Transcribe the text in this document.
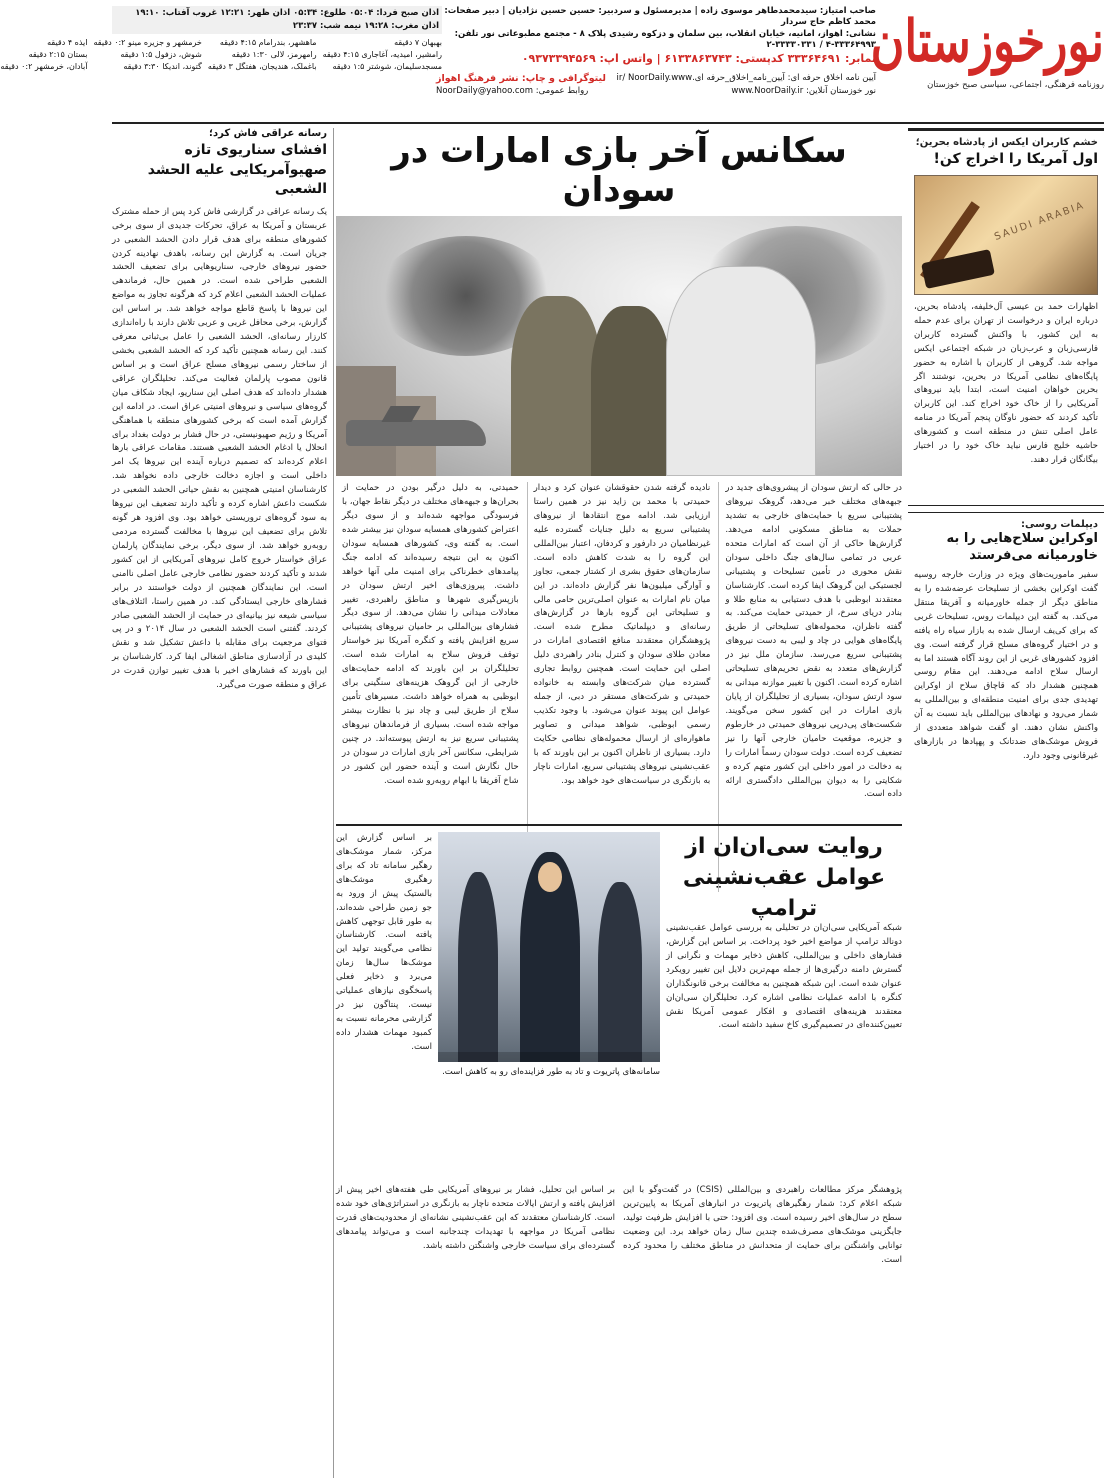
نورخوزستان
روزنامه فرهنگی، اجتماعی، سیاسی صبح خوزستان
صاحب امتیاز: سیدمحمدطاهر موسوی زاده | مدیرمسئول و سردبیر: حسین حسین نژادیان | دبیر صفحات: محمد کاظم حاج سردار
نشانی: اهواز، امانیه، خیابان انقلاب، بین سلمان و دزکوه رشیدی پلاک ۸ - مجتمع مطبوعاتی نور تلفن: ۳۳۳۶۴۹۹۳-۴ / ۳۳۳۳۰۳۳۱-۲
نمابر: ۳۳۳۶۴۶۹۱ کدپستی: ۶۱۳۳۸۶۳۷۴۳ | واتس اپ: ۰۹۳۷۳۳۹۴۵۶۹
آیین نامه اخلاق حرفه ای: آیین_نامه_اخلاق_حرفه ای.ir/ NoorDaily.www
لیتوگرافی و چاپ: نشر فرهنگ اهواز
نور خوزستان آنلاین: www.NoorDaily.ir
روابط عمومی: NoorDaily@yahoo.com
اذان صبح فردا: ۰۵:۰۴ طلوع: ۰۵:۳۴ اذان ظهر: ۱۲:۲۱ غروب آفتاب: ۱۹:۱۰ اذان مغرب: ۱۹:۲۸ نیمه شب: ۲۳:۳۷
بهبهان ۷ دقیقه
ماهشهر، بندرامام ۴:۱۵ دقیقه
خرمشهر و جزیره مینو ۰:۲ دقیقه
ایذه ۴ دقیقه
رامشیر، امیدیه، آغاجاری ۴:۱۵ دقیقه
رامهرمز، لالی ۱:۳۰ دقیقه
شوش، دزفول ۱:۵ دقیقه
بستان ۲:۱۵ دقیقه
مسجدسلیمان، شوشتر ۱:۵ دقیقه
باغملک، هندیجان، هفتگل ۳ دقیقه
گتوند، اندیکا ۳:۳۰ دقیقه
آبادان، خرمشهر ۰:۲ دقیقه
خشم کاربران ایکس از پادشاه بحرین؛
اول آمریکا را اخراج کن!
SAUDI ARABIA
اظهارات حمد بن عیسی آل‌خلیفه، پادشاه بحرین، درباره ایران و درخواست از تهران برای عدم حمله به این کشور، با واکنش گسترده کاربران فارسی‌زبان و عرب‌زبان در شبکه اجتماعی ایکس مواجه شد. گروهی از کاربران با اشاره به حضور پایگاه‌های نظامی آمریکا در بحرین، نوشتند اگر بحرین خواهان امنیت است، ابتدا باید نیروهای آمریکایی را از خاک خود اخراج کند. این کاربران تأکید کردند که حضور ناوگان پنجم آمریکا در منامه عامل اصلی تنش در منطقه است و کشورهای حاشیه خلیج فارس نباید خاک خود را در اختیار بیگانگان قرار دهند.
دیپلمات روسی:
اوکراین سلاح‌هایی را به خاورمیانه می‌فرستد
سفیر ماموریت‌های ویژه در وزارت خارجه روسیه گفت اوکراین بخشی از تسلیحات عرضه‌شده را به مناطق دیگر از جمله خاورمیانه و آفریقا منتقل می‌کند. به گفته این دیپلمات روس، تسلیحات غربی که برای کی‌یف ارسال شده به بازار سیاه راه یافته و در اختیار گروه‌های مسلح قرار گرفته است. وی افزود کشورهای غربی از این روند آگاه هستند اما به ارسال سلاح ادامه می‌دهند. این مقام روسی همچنین هشدار داد که قاچاق سلاح از اوکراین تهدیدی جدی برای امنیت منطقه‌ای و بین‌المللی به شمار می‌رود و نهادهای بین‌المللی باید نسبت به آن واکنش نشان دهند. او گفت شواهد متعددی از فروش موشک‌های ضدتانک و پهپادها در بازارهای غیرقانونی وجود دارد.
سکانس آخر بازی امارات در سودان
در حالی که ارتش سودان از پیشروی‌های جدید در جبهه‌های مختلف خبر می‌دهد، گروهک نیروهای پشتیبانی سریع با حمایت‌های خارجی به تشدید حملات به مناطق مسکونی ادامه می‌دهد. گزارش‌ها حاکی از آن است که امارات متحده عربی در تمامی سال‌های جنگ داخلی سودان نقش محوری در تأمین تسلیحات و پشتیبانی لجستیکی این گروهک ایفا کرده است. کارشناسان معتقدند ابوظبی با هدف دستیابی به منابع طلا و بنادر دریای سرخ، از حمیدتی حمایت می‌کند. به گفته ناظران، محموله‌های تسلیحاتی از طریق پایگاه‌های هوایی در چاد و لیبی به دست نیروهای پشتیبانی سریع می‌رسد. سازمان ملل نیز در گزارش‌های متعدد به نقض تحریم‌های تسلیحاتی اشاره کرده است. اکنون با تغییر موازنه میدانی به سود ارتش سودان، بسیاری از تحلیلگران از پایان بازی امارات در این کشور سخن می‌گویند. شکست‌های پی‌درپی نیروهای حمیدتی در خارطوم و جزیره، موقعیت حامیان خارجی آنها را نیز تضعیف کرده است. دولت سودان رسماً امارات را به دخالت در امور داخلی این کشور متهم کرده و شکایتی را به دیوان بین‌المللی دادگستری ارائه داده است.
نادیده گرفته شدن حقوقشان عنوان کرد و دیدار حمیدتی با محمد بن زاید نیز در همین راستا ارزیابی شد. ادامه موج انتقادها از نیروهای پشتیبانی سریع به دلیل جنایات گسترده علیه غیرنظامیان در دارفور و کردفان، اعتبار بین‌المللی این گروه را به شدت کاهش داده است. سازمان‌های حقوق بشری از کشتار جمعی، تجاوز و آوارگی میلیون‌ها نفر گزارش داده‌اند. در این میان نام امارات به عنوان اصلی‌ترین حامی مالی و تسلیحاتی این گروه بارها در گزارش‌های رسانه‌ای و دیپلماتیک مطرح شده است. پژوهشگران معتقدند منافع اقتصادی امارات در معادن طلای سودان و کنترل بنادر راهبردی دلیل اصلی این حمایت است. همچنین روابط تجاری گسترده میان شرکت‌های وابسته به خانواده حمیدتی و شرکت‌های مستقر در دبی، از جمله عوامل این پیوند عنوان می‌شود. با وجود تکذیب رسمی ابوظبی، شواهد میدانی و تصاویر ماهواره‌ای از ارسال محموله‌های نظامی حکایت دارد. بسیاری از ناظران اکنون بر این باورند که با عقب‌نشینی نیروهای پشتیبانی سریع، امارات ناچار به بازنگری در سیاست‌های خود خواهد بود.
حمیدتی، به دلیل درگیر بودن در حمایت از بحران‌ها و جبهه‌های مختلف در دیگر نقاط جهان، با فرسودگی مواجهه شده‌اند و از سوی دیگر اعتراض کشورهای همسایه سودان نیز بیشتر شده است. به گفته وی، کشورهای همسایه سودان اکنون به این نتیجه رسیده‌اند که ادامه جنگ پیامدهای خطرناکی برای امنیت ملی آنها خواهد داشت. پیروزی‌های اخیر ارتش سودان در بازپس‌گیری شهرها و مناطق راهبردی، تغییر معادلات میدانی را نشان می‌دهد. از سوی دیگر فشارهای بین‌المللی بر حامیان نیروهای پشتیبانی سریع افزایش یافته و کنگره آمریکا نیز خواستار توقف فروش سلاح به امارات شده است. تحلیلگران بر این باورند که ادامه حمایت‌های خارجی از این گروهک هزینه‌های سنگینی برای ابوظبی به همراه خواهد داشت. مسیرهای تأمین سلاح از طریق لیبی و چاد نیز با نظارت بیشتر مواجه شده است. بسیاری از فرماندهان نیروهای پشتیبانی سریع نیز به ارتش پیوسته‌اند. در چنین شرایطی، سکانس آخر بازی امارات در سودان در حال نگارش است و آینده حضور این کشور در شاخ آفریقا با ابهام روبه‌رو شده است.
رسانه عراقی فاش کرد؛
افشای سناریوی تازه صهیوآمریکایی علیه الحشد الشعبی
یک رسانه عراقی در گزارشی فاش کرد پس از حمله مشترک عربستان و آمریکا به عراق، تحرکات جدیدی از سوی برخی کشورهای منطقه برای هدف قرار دادن الحشد الشعبی در جریان است. به گزارش این رسانه، باهدف نهادینه کردن حضور نیروهای خارجی، سناریوهایی برای تضعیف الحشد الشعبی طراحی شده است. در همین حال، فرماندهی عملیات الحشد الشعبی اعلام کرد که هرگونه تجاوز به مواضع این نیروها با پاسخ قاطع مواجه خواهد شد. بر اساس این گزارش، برخی محافل غربی و عربی تلاش دارند با راه‌اندازی کارزار رسانه‌ای، الحشد الشعبی را عامل بی‌ثباتی معرفی کنند. این رسانه همچنین تأکید کرد که الحشد الشعبی بخشی از ساختار رسمی نیروهای مسلح عراق است و بر اساس قانون مصوب پارلمان فعالیت می‌کند. تحلیلگران عراقی هشدار داده‌اند که هدف اصلی این سناریو، ایجاد شکاف میان گروه‌های سیاسی و نیروهای امنیتی عراق است. در ادامه این گزارش آمده است که برخی کشورهای منطقه با هماهنگی آمریکا و رژیم صهیونیستی، در حال فشار بر دولت بغداد برای انحلال یا ادغام الحشد الشعبی هستند. مقامات عراقی بارها اعلام کرده‌اند که تصمیم درباره آینده این نیروها یک امر داخلی است و اجازه دخالت خارجی داده نخواهد شد. کارشناسان امنیتی همچنین به نقش حیاتی الحشد الشعبی در شکست داعش اشاره کرده و تأکید دارند تضعیف این نیروها به سود گروه‌های تروریستی خواهد بود. وی افزود هر گونه تلاش برای تضعیف این نیروها با مخالفت گسترده مردمی روبه‌رو خواهد شد. از سوی دیگر، برخی نمایندگان پارلمان عراق خواستار خروج کامل نیروهای آمریکایی از این کشور شدند و تأکید کردند حضور نظامی خارجی عامل اصلی ناامنی است. این نمایندگان همچنین از دولت خواستند در برابر فشارهای خارجی ایستادگی کند. در همین راستا، ائتلاف‌های سیاسی شیعه نیز بیانیه‌ای در حمایت از الحشد الشعبی صادر کردند. گفتنی است الحشد الشعبی در سال ۲۰۱۴ و در پی فتوای مرجعیت برای مقابله با داعش تشکیل شد و نقش کلیدی در آزادسازی مناطق اشغالی ایفا کرد. کارشناسان بر این باورند که فشارهای اخیر با هدف تغییر توازن قدرت در عراق و منطقه صورت می‌گیرد.
روایت سی‌ان‌ان از عوامل عقب‌نشینی ترامپ
شبکه آمریکایی سی‌ان‌ان در تحلیلی به بررسی عوامل عقب‌نشینی دونالد ترامپ از مواضع اخیر خود پرداخت. بر اساس این گزارش، فشارهای داخلی و بین‌المللی، کاهش ذخایر مهمات و نگرانی از گسترش دامنه درگیری‌ها از جمله مهم‌ترین دلایل این تغییر رویکرد عنوان شده است. این شبکه همچنین به مخالفت برخی قانونگذاران کنگره با ادامه عملیات نظامی اشاره کرد. تحلیلگران سی‌ان‌ان معتقدند هزینه‌های اقتصادی و افکار عمومی آمریکا نقش تعیین‌کننده‌ای در تصمیم‌گیری کاخ سفید داشته است.
سامانه‌های پاتریوت و تاد به طور فزاینده‌ای رو به کاهش است.
بر اساس گزارش این مرکز، شمار موشک‌های رهگیر سامانه تاد که برای رهگیری موشک‌های بالستیک پیش از ورود به جو زمین طراحی شده‌اند، به طور قابل توجهی کاهش یافته است. کارشناسان نظامی می‌گویند تولید این موشک‌ها سال‌ها زمان می‌برد و ذخایر فعلی پاسخگوی نیازهای عملیاتی نیست. پنتاگون نیز در گزارشی محرمانه نسبت به کمبود مهمات هشدار داده است.
پژوهشگر مرکز مطالعات راهبردی و بین‌المللی (CSIS) در گفت‌وگو با این شبکه اعلام کرد: شمار رهگیرهای پاتریوت در انبارهای آمریکا به پایین‌ترین سطح در سال‌های اخیر رسیده است. وی افزود: حتی با افزایش ظرفیت تولید، جایگزینی موشک‌های مصرف‌شده چندین سال زمان خواهد برد. این وضعیت توانایی واشنگتن برای حمایت از متحدانش در مناطق مختلف را محدود کرده است.
بر اساس این تحلیل، فشار بر نیروهای آمریکایی طی هفته‌های اخیر پیش از افزایش یافته و ارتش ایالات متحده ناچار به بازنگری در استراتژی‌های خود شده است. کارشناسان معتقدند که این عقب‌نشینی نشانه‌ای از محدودیت‌های قدرت نظامی آمریکا در مواجهه با تهدیدات چندجانبه است و می‌تواند پیامدهای گسترده‌ای برای سیاست خارجی واشنگتن داشته باشد.
